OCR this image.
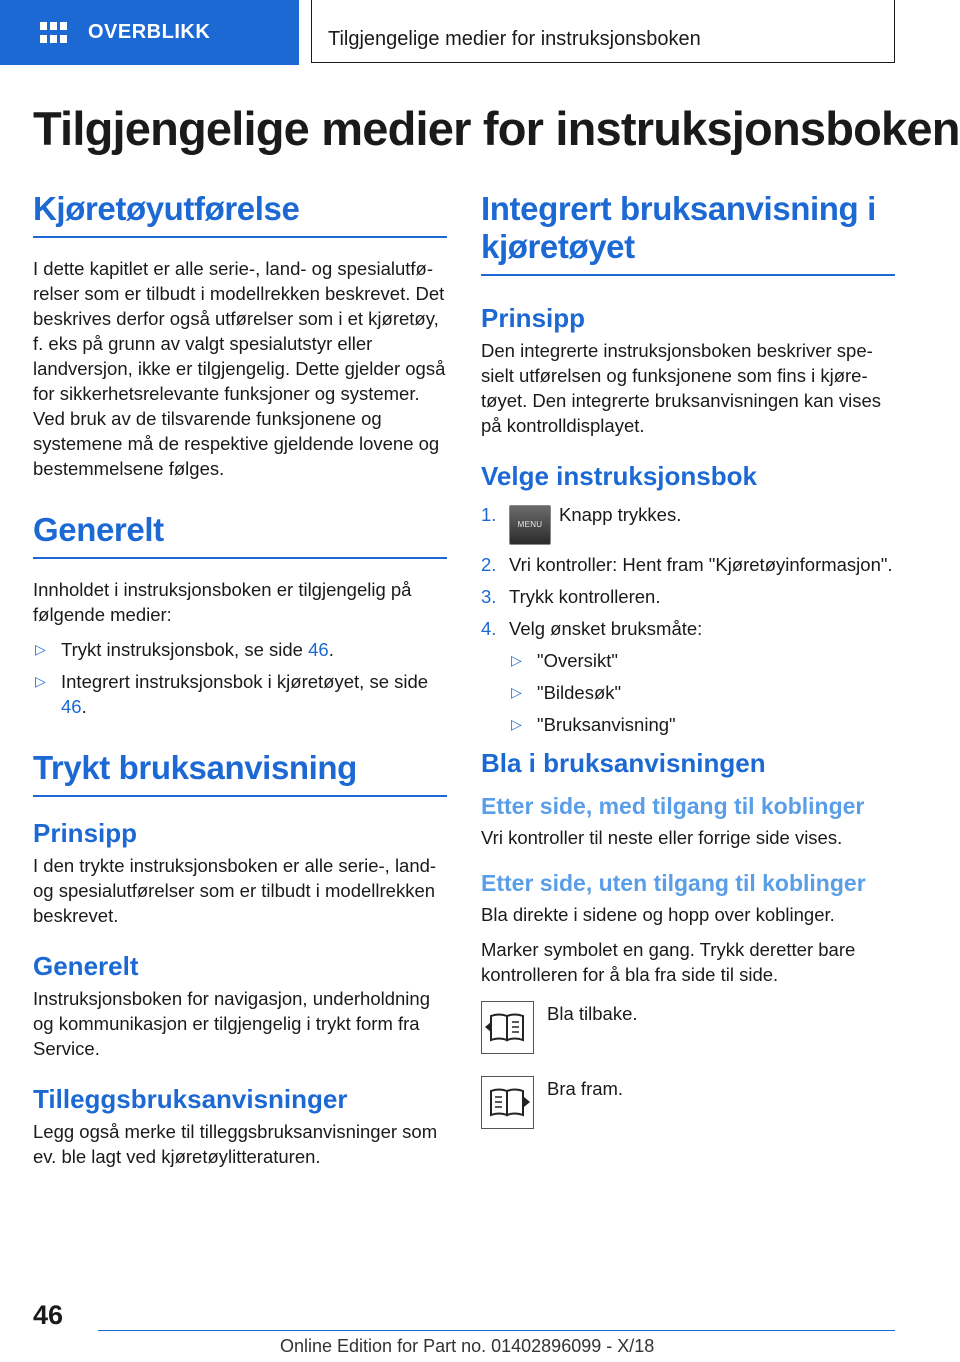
OVERBLIKK	Tilgjengelige medier for instruksjonsboken
Tilgjengelige medier for instruksjonsboken
Kjøretøyutførelse

I dette kapitlet er alle serie-, land- og spesialutførelser som er tilbudt i modellrekken beskrevet. Det beskrives derfor også utførelser som i et kjøretøy, f. eks på grunn av valgt spesialutstyr eller landversjon, ikke er tilgjengelig. Dette gjelder også for sikkerhetsrelevante funksjoner og systemer. Ved bruk av de tilsvarende funksjonene og systemene må de respektive gjeldende lovene og bestemmelsene følges.

Generelt

Innholdet i instruksjonsboken er tilgjengelig på følgende medier:

▷ Trykt instruksjonsbok, se side 46.
▷ Integrert instruksjonsbok i kjøretøyet, se side 46.
Trykt bruksanvisning
Prinsipp

I den trykte instruksjonsboken er alle serie-, land- og spesialutførelser som er tilbudt i modellrekken beskrevet.

Generelt

Instruksjonsboken for navigasjon, underholdning og kommunikasjon er tilgjengelig i trykt form fra Service.

Tilleggsbruksanvisninger

Legg også merke til tilleggsbruksanvisninger som ev. ble lagt ved kjøretøylitteraturen.

Integrert bruksanvisning i kjøretøyet
Prinsipp

Den integrerte instruksjonsboken beskriver spesielt utførelsen og funksjonene som fins i kjøretøyet. Den integrerte bruksanvisningen kan vises på kontrolldisplayet.

Velge instruksjonsbok
1.	MENU Knapp trykkes.
2. Vri kontroller: Hent fram "Kjøretøyinformasjon".
3. Trykk kontrolleren.
4. Velg ønsket bruksmåte:
▷ "Oversikt"
▷ "Bildesøk"
▷ "Bruksanvisning"
Bla i bruksanvisningen
Etter side, med tilgang til koblinger

Vri kontroller til neste eller forrige side vises.

Etter side, uten tilgang til koblinger

Bla direkte i sidene og hopp over koblinger.

Marker symbolet en gang. Trykk deretter bare kontrolleren for å bla fra side til side.

Bla tilbake.
Bra fram.
46
Online Edition for Part no. 01402896099 - X/18
